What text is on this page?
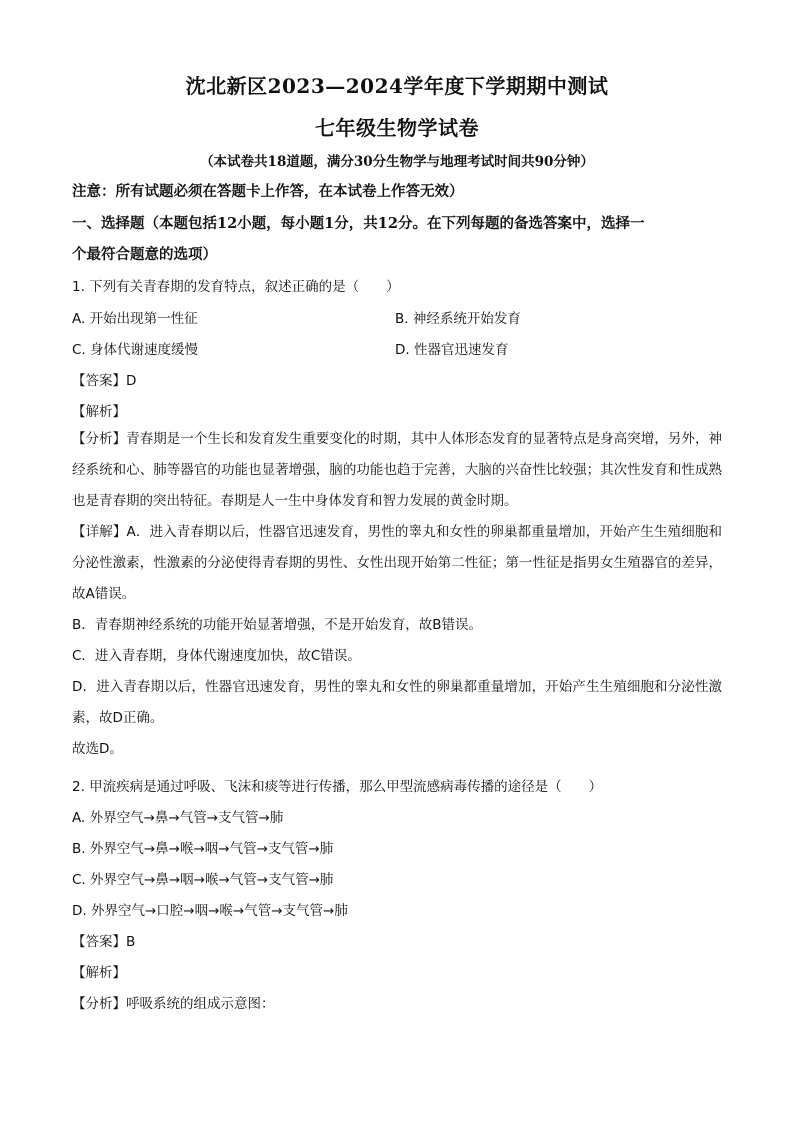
沈北新区2023—2024学年度下学期期中测试
七年级生物学试卷
（本试卷共18道题，满分30分生物学与地理考试时间共90分钟）
注意：所有试题必须在答题卡上作答，在本试卷上作答无效）
一、选择题（本题包括12小题，每小题1分，共12分。在下列每题的备选答案中，选择一
个最符合题意的选项）
1. 下列有关青春期的发育特点，叙述正确的是（　　）
A. 开始出现第一性征	B. 神经系统开始发育
C. 身体代谢速度缓慢	D. 性器官迅速发育
【答案】D
【解析】
【分析】青春期是一个生长和发育发生重要变化的时期，其中人体形态发育的显著特点是身高突增，另外，神经系统和心、肺等器官的功能也显著增强，脑的功能也趋于完善，大脑的兴奋性比较强；其次性发育和性成熟也是青春期的突出特征。春期是人一生中身体发育和智力发展的黄金时期。
【详解】A．进入青春期以后，性器官迅速发育，男性的睾丸和女性的卵巢都重量增加，开始产生生殖细胞和分泌性激素，性激素的分泌使得青春期的男性、女性出现开始第二性征；第一性征是指男女生殖器官的差异，故A错误。
B．青春期神经系统的功能开始显著增强，不是开始发育，故B错误。
C．进入青春期，身体代谢速度加快，故C错误。
D．进入青春期以后，性器官迅速发育，男性的睾丸和女性的卵巢都重量增加，开始产生生殖细胞和分泌性激素，故D正确。
故选D。
2. 甲流疾病是通过呼吸、飞沫和痰等进行传播，那么甲型流感病毒传播的途径是（　　）
A. 外界空气→鼻→气管→支气管→肺
B. 外界空气→鼻→喉→咽→气管→支气管→肺
C. 外界空气→鼻→咽→喉→气管→支气管→肺
D. 外界空气→口腔→咽→喉→气管→支气管→肺
【答案】B
【解析】
【分析】呼吸系统的组成示意图：
